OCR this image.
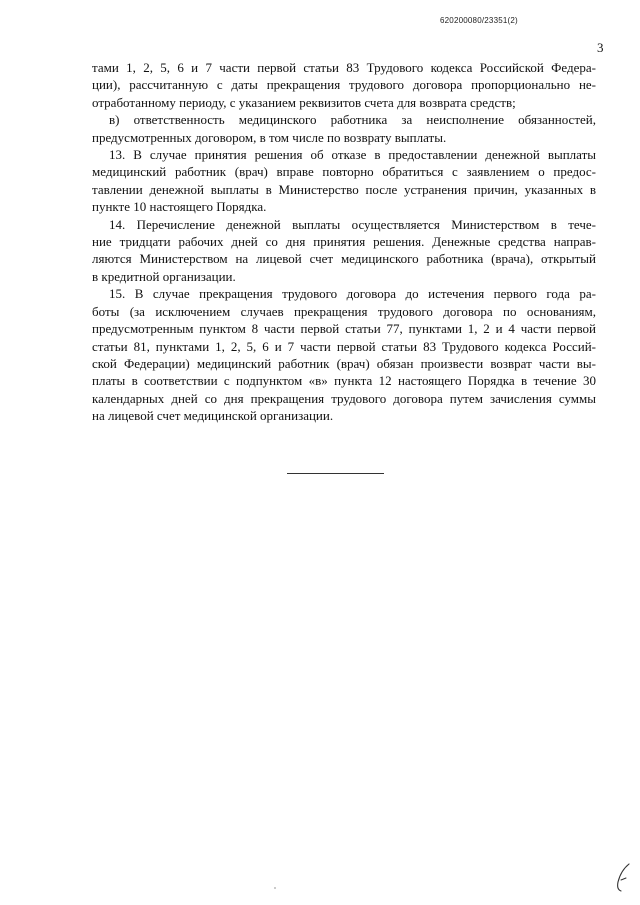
620200080/23351(2)
3

тами 1, 2, 5, 6 и 7 части первой статьи 83 Трудового кодекса Российской Федера-
ции), рассчитанную с даты прекращения трудового договора пропорционально не-
отработанному периоду, с указанием реквизитов счета для возврата средств;

в) ответственность медицинского работника за неисполнение обязанностей,
предусмотренных договором, в том числе по возврату выплаты.

13. В случае принятия решения об отказе в предоставлении денежной выплаты
медицинский работник (врач) вправе повторно обратиться с заявлением о предос-
тавлении денежной выплаты в Министерство после устранения причин, указанных в
пункте 10 настоящего Порядка.

14. Перечисление денежной выплаты осуществляется Министерством в тече-
ние тридцати рабочих дней со дня принятия решения. Денежные средства направ-
ляются Министерством на лицевой счет медицинского работника (врача), открытый
в кредитной организации.

15. В случае прекращения трудового договора до истечения первого года ра-
боты (за исключением случаев прекращения трудового договора по основаниям,
предусмотренным пунктом 8 части первой статьи 77, пунктами 1, 2 и 4 части первой
статьи 81, пунктами 1, 2, 5, 6 и 7 части первой статьи 83 Трудового кодекса Россий-
ской Федерации) медицинский работник (врач) обязан произвести возврат части вы-
платы в соответствии с подпунктом «в» пункта 12 настоящего Порядка в течение 30
календарных дней со дня прекращения трудового договора путем зачисления суммы
на лицевой счет медицинской организации.
